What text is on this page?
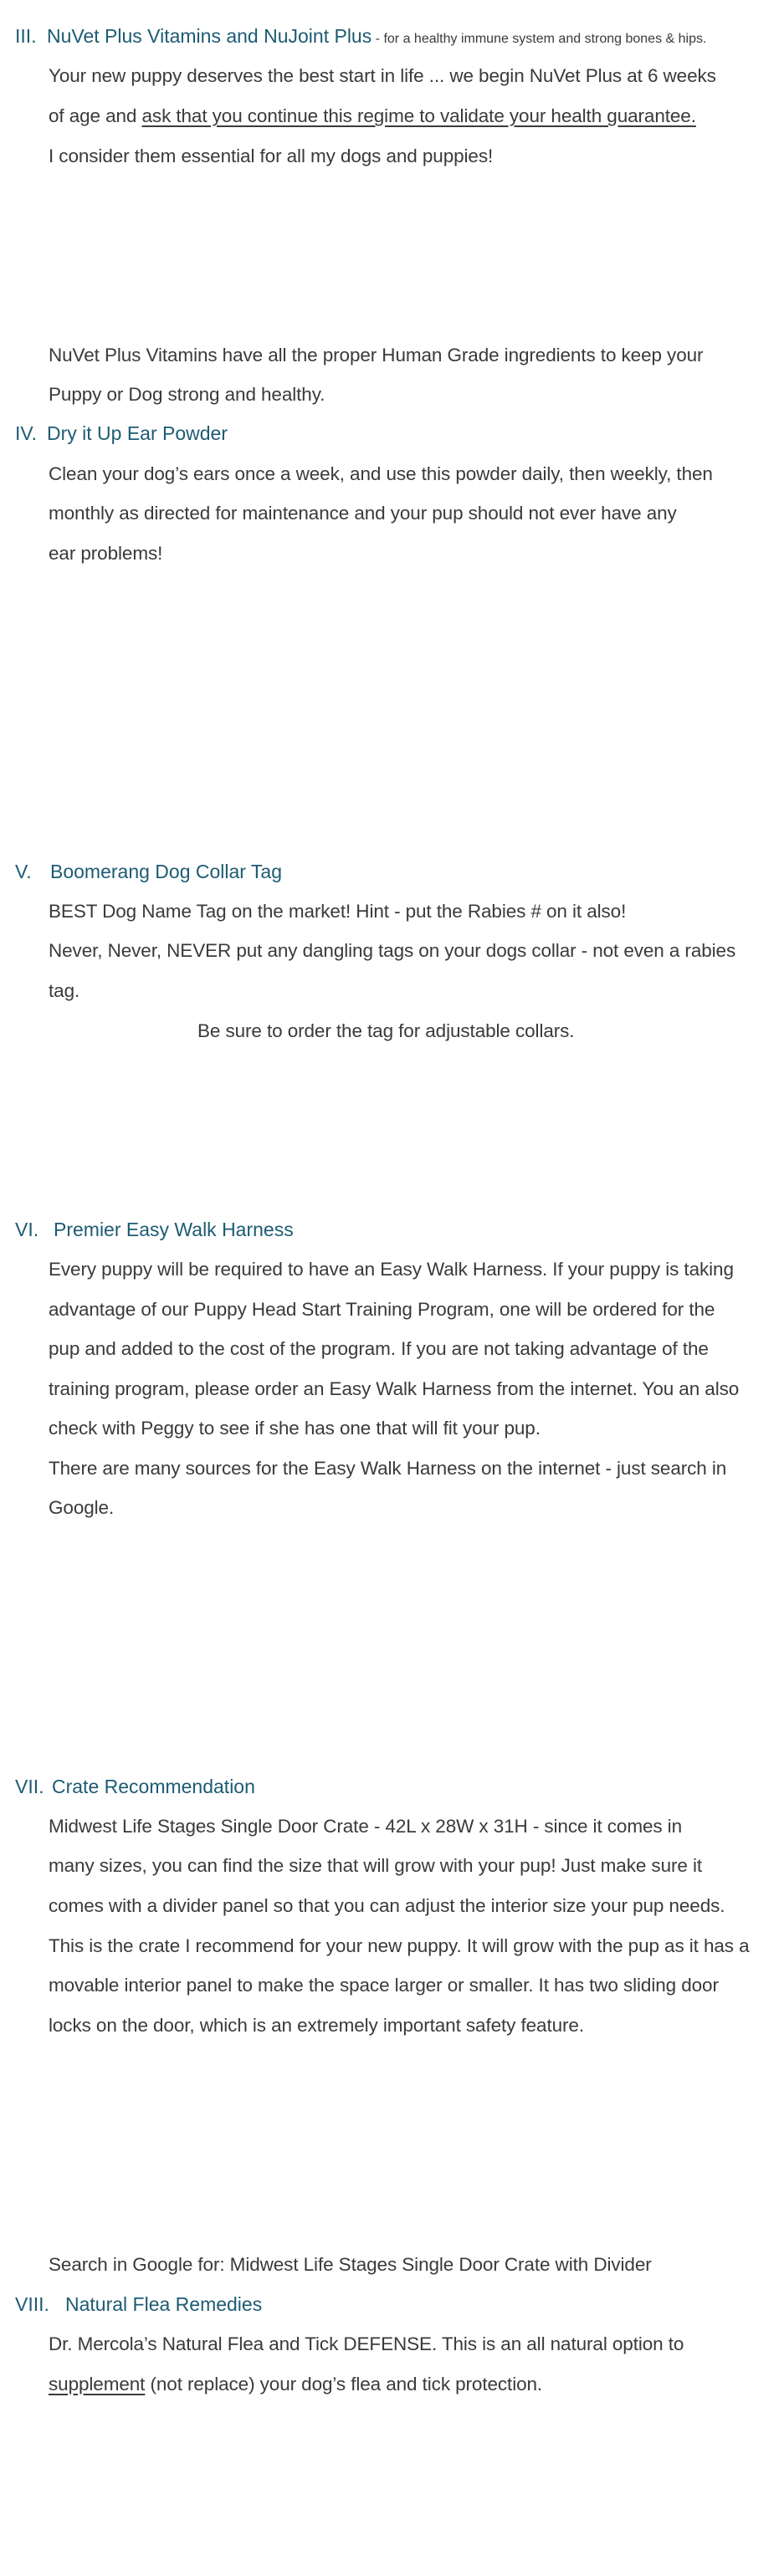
III. NuVet Plus Vitamins and NuJoint Plus - for a healthy immune system and strong bones & hips.
Your new puppy deserves the best start in life ... we begin NuVet Plus at 6 weeks
of age and ask that you continue this regime to validate your health guarantee.
I consider them essential for all my dogs and puppies!
NuVet Plus Vitamins have all the proper Human Grade ingredients to keep your
Puppy or Dog strong and healthy.
IV. Dry it Up Ear Powder
Clean your dog’s ears once a week, and use this powder daily, then weekly, then
monthly as directed for maintenance and your pup should not ever have any
ear problems!
V. Boomerang Dog Collar Tag
BEST Dog Name Tag on the market! Hint - put the Rabies # on it also!
Never, Never, NEVER put any dangling tags on your dogs collar - not even a rabies
tag.
Be sure to order the tag for adjustable collars.
VI. Premier Easy Walk Harness
Every puppy will be required to have an Easy Walk Harness. If your puppy is taking
advantage of our Puppy Head Start Training Program, one will be ordered for the
pup and added to the cost of the program. If you are not taking advantage of the
training program, please order an Easy Walk Harness from the internet. You an also
check with Peggy to see if she has one that will fit your pup.
There are many sources for the Easy Walk Harness on the internet - just search in
Google.
VII. Crate Recommendation
Midwest Life Stages Single Door Crate - 42L x 28W x 31H - since it comes in
many sizes, you can find the size that will grow with your pup! Just make sure it
comes with a divider panel so that you can adjust the interior size your pup needs.
This is the crate I recommend for your new puppy. It will grow with the pup as it has a
movable interior panel to make the space larger or smaller. It has two sliding door
locks on the door, which is an extremely important safety feature.
Search in Google for: Midwest Life Stages Single Door Crate with Divider
VIII. Natural Flea Remedies
Dr. Mercola’s Natural Flea and Tick DEFENSE. This is an all natural option to
supplement (not replace) your dog’s flea and tick protection.
